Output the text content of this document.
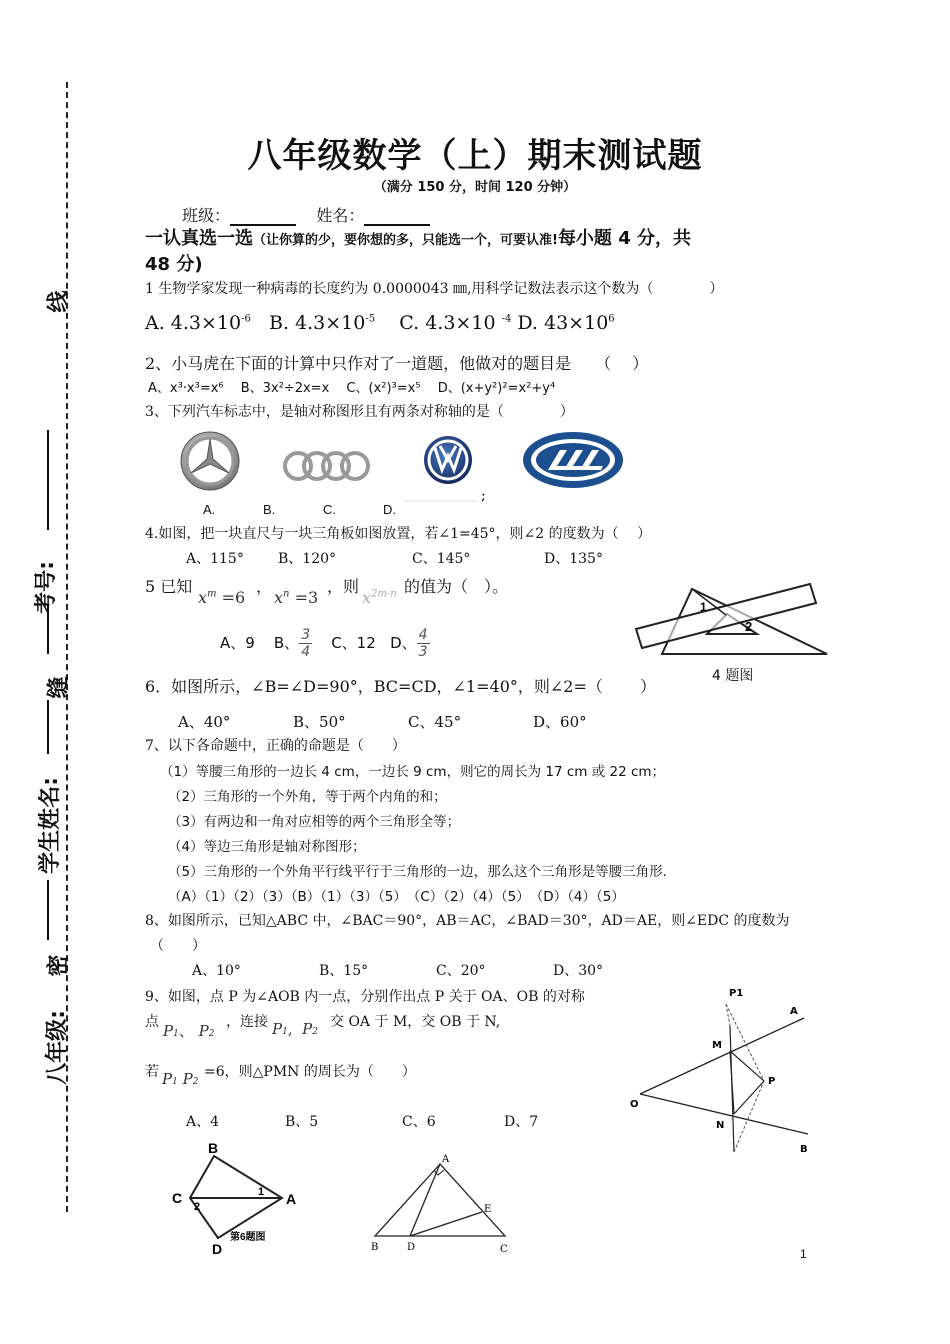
线
考号:
缝
学生姓名:
密
八年级:
八年级数学（上）期末测试题
（满分 150 分，时间 120 分钟）
班级：	姓名：
一认真选一选（让你算的少，要你想的多，只能选一个，可要认准!每小题 4 分，共
48 分)
1 生物学家发现一种病毒的长度约为 0.0000043 ㎜,用科学记数法表示这个数为（　　　　）
A. $4.3\times 10^{-6}$ B. $4.3\times 10^{-5}$ C. 4.3×10 $^{-4}$ D. $43\times 10^6$
2、小马虎在下面的计算中只作对了一道题，他做对的题目是　　（　 ）
A、x³·x³=x⁶　 B、3x²÷2x=x　 C、(x²)³=x⁵　 D、(x+y²)²=x²+y⁴
3、下列汽车标志中，是轴对称图形且有两条对称轴的是（　　　　）
;
A.	B.	C.	D.
4.如图，把一块直尺与一块三角板如图放置，若∠1=45°，则∠2 的度数为（　 ）
A、115° B、120°	C、145°	D、135°
1
2
4 题图
5 已知
$x^m =6$
，
$x^n =3$
，则
$x^{2m-n}$ 的值为（　）。
A、9 B、 $\frac{3}{4}$ C、12 D、 $\frac{4}{3}$
6．如图所示，∠B=∠D=90°，BC=CD，∠1=40°，则∠2=（　　 ）
A、40°	B、50°	C、45°	D、60°
7、以下各命题中，正确的命题是（　　）
（1）等腰三角形的一边长 4 cm，一边长 9 cm，则它的周长为 17 cm 或 22 cm；
（2）三角形的一个外角，等于两个内角的和；
（3）有两边和一角对应相等的两个三角形全等；
（4）等边三角形是轴对称图形；
（5）三角形的一个外角平行线平行于三角形的一边，那么这个三角形是等腰三角形.
（A）（1）（2）（3）（B）（1）（3）（5）　（C）（2）（4）（5）　（D）（4）（5）
8、如图所示，已知△ABC 中，∠BAC＝90°，AB＝AC，∠BAD＝30°，AD＝AE，则∠EDC 的度数为
（　　）
A、10°	B、15°	C、20°	D、30°
9、如图，点 P 为∠AOB 内一点，分别作出点 P 关于 OA、OB 的对称
点 P1、 P2
，连接 P1, P2
交 OA 于 M，交 OB 于 N,
若 P1 P2
=6，则△PMN 的周长为（　　）
A、4	B、5	C、6	D、7
P1
A
M
P
O
N
B
B
C	A
D
1
2
第6题图
A
B	D	C
E
1
